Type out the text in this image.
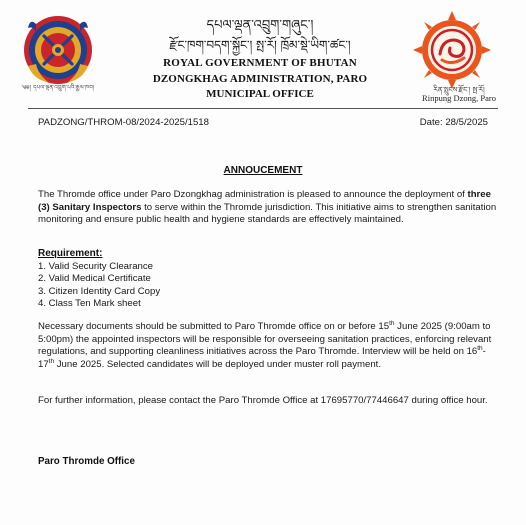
༄༅། དཔལ་ལྡན་འབྲུག་པའི་རྒྱལ་ཁབ།
དཔལ་ལྡན་འབྲུག་གཞུང་།
རྫོང་ཁག་བདག་སྐྱོང་། སྤ་རོ། ཁྲོམ་སྡེ་ཡིག་ཚང་།
ROYAL GOVERNMENT OF BHUTAN
DZONGKHAG ADMINISTRATION, PARO
MUNICIPAL OFFICE	རིན་སྤུངས་རྫོང་། སྤ་རོ།
Rinpung Dzong, Paro
PADZONG/THROM-08/2024-2025/1518	Date: 28/5/2025
ANNOUCEMENT
The Thromde office under Paro Dzongkhag administration is pleased to announce the deployment of three (3) Sanitary Inspectors to serve within the Thromde jurisdiction. This initiative aims to strengthen sanitation monitoring and ensure public health and hygiene standards are effectively maintained.
Requirement:
1. Valid Security Clearance
2. Valid Medical Certificate
3. Citizen Identity Card Copy
4. Class Ten Mark sheet
Necessary documents should be submitted to Paro Thromde office on or before 15th June 2025 (9:00am to 5:00pm) the appointed inspectors will be responsible for overseeing sanitation practices, enforcing relevant regulations, and supporting cleanliness initiatives across the Paro Thromde. Interview will be held on 16th-17th June 2025. Selected candidates will be deployed under muster roll payment.
For further information, please contact the Paro Thromde Office at 17695770/77446647 during office hour.
Paro Thromde Office
